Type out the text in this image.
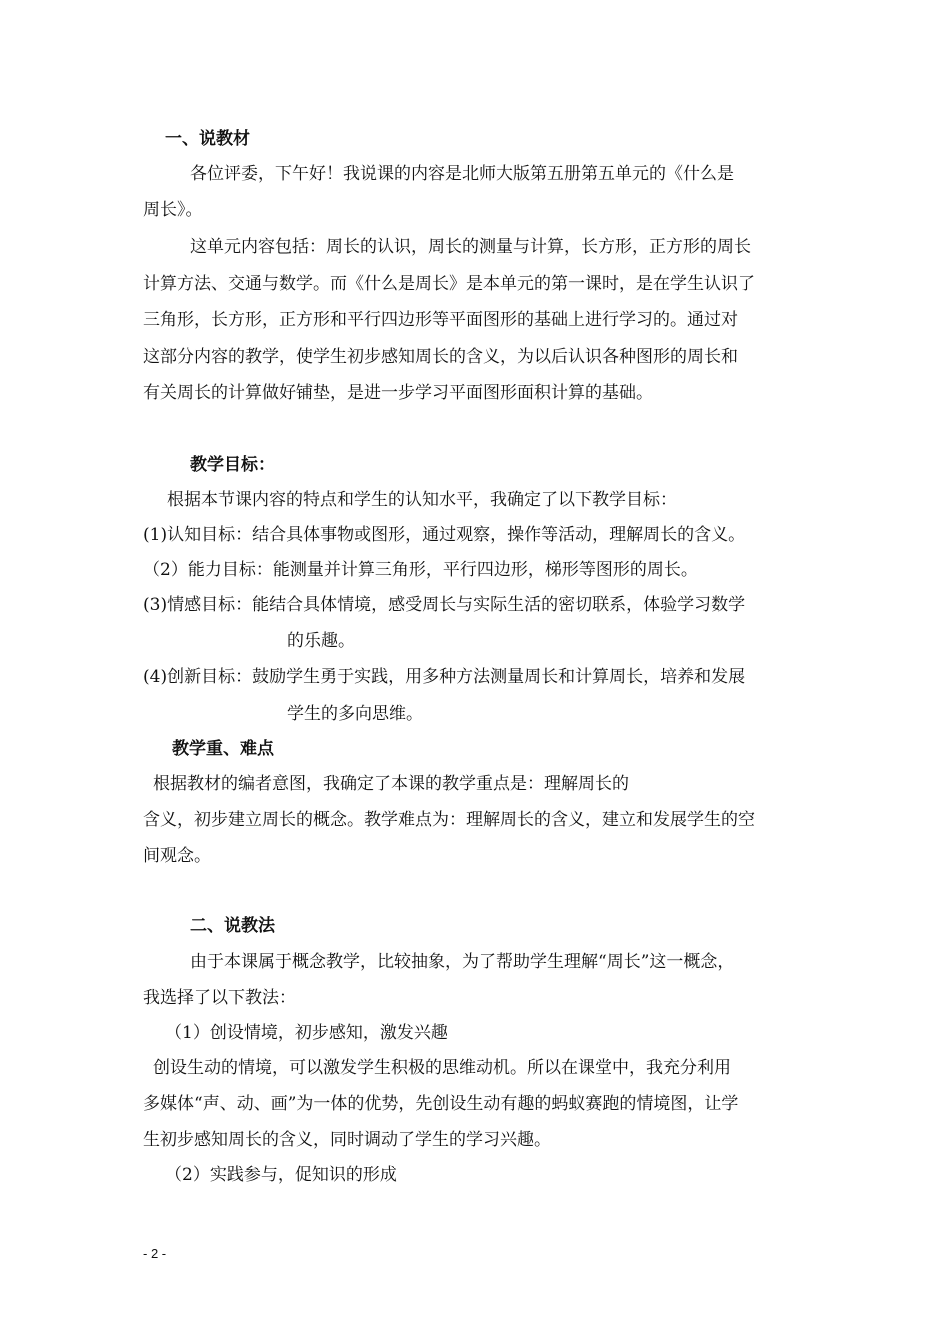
一、说教材
各位评委，下午好！我说课的内容是北师大版第五册第五单元的《什么是
周长》。
这单元内容包括：周长的认识，周长的测量与计算，长方形，正方形的周长
计算方法、交通与数学。而《什么是周长》是本单元的第一课时，是在学生认识了
三角形，长方形，正方形和平行四边形等平面图形的基础上进行学习的。通过对
这部分内容的教学，使学生初步感知周长的含义，为以后认识各种图形的周长和
有关周长的计算做好铺垫，是进一步学习平面图形面积计算的基础。
教学目标：
根据本节课内容的特点和学生的认知水平，我确定了以下教学目标：
(1)认知目标：结合具体事物或图形，通过观察，操作等活动，理解周长的含义。
（2）能力目标：能测量并计算三角形，平行四边形，梯形等图形的周长。
(3)情感目标：能结合具体情境，感受周长与实际生活的密切联系，体验学习数学
的乐趣。
(4)创新目标：鼓励学生勇于实践，用多种方法测量周长和计算周长，培养和发展
学生的多向思维。
教学重、难点
根据教材的编者意图，我确定了本课的教学重点是：理解周长的
含义，初步建立周长的概念。教学难点为：理解周长的含义，建立和发展学生的空
间观念。
二、说教法
由于本课属于概念教学，比较抽象，为了帮助学生理解“周长”这一概念，
我选择了以下教法：
（1）创设情境，初步感知，激发兴趣
创设生动的情境，可以激发学生积极的思维动机。所以在课堂中，我充分利用
多媒体“声、动、画”为一体的优势，先创设生动有趣的蚂蚁赛跑的情境图，让学
生初步感知周长的含义，同时调动了学生的学习兴趣。
（2）实践参与，促知识的形成
- 2 -
